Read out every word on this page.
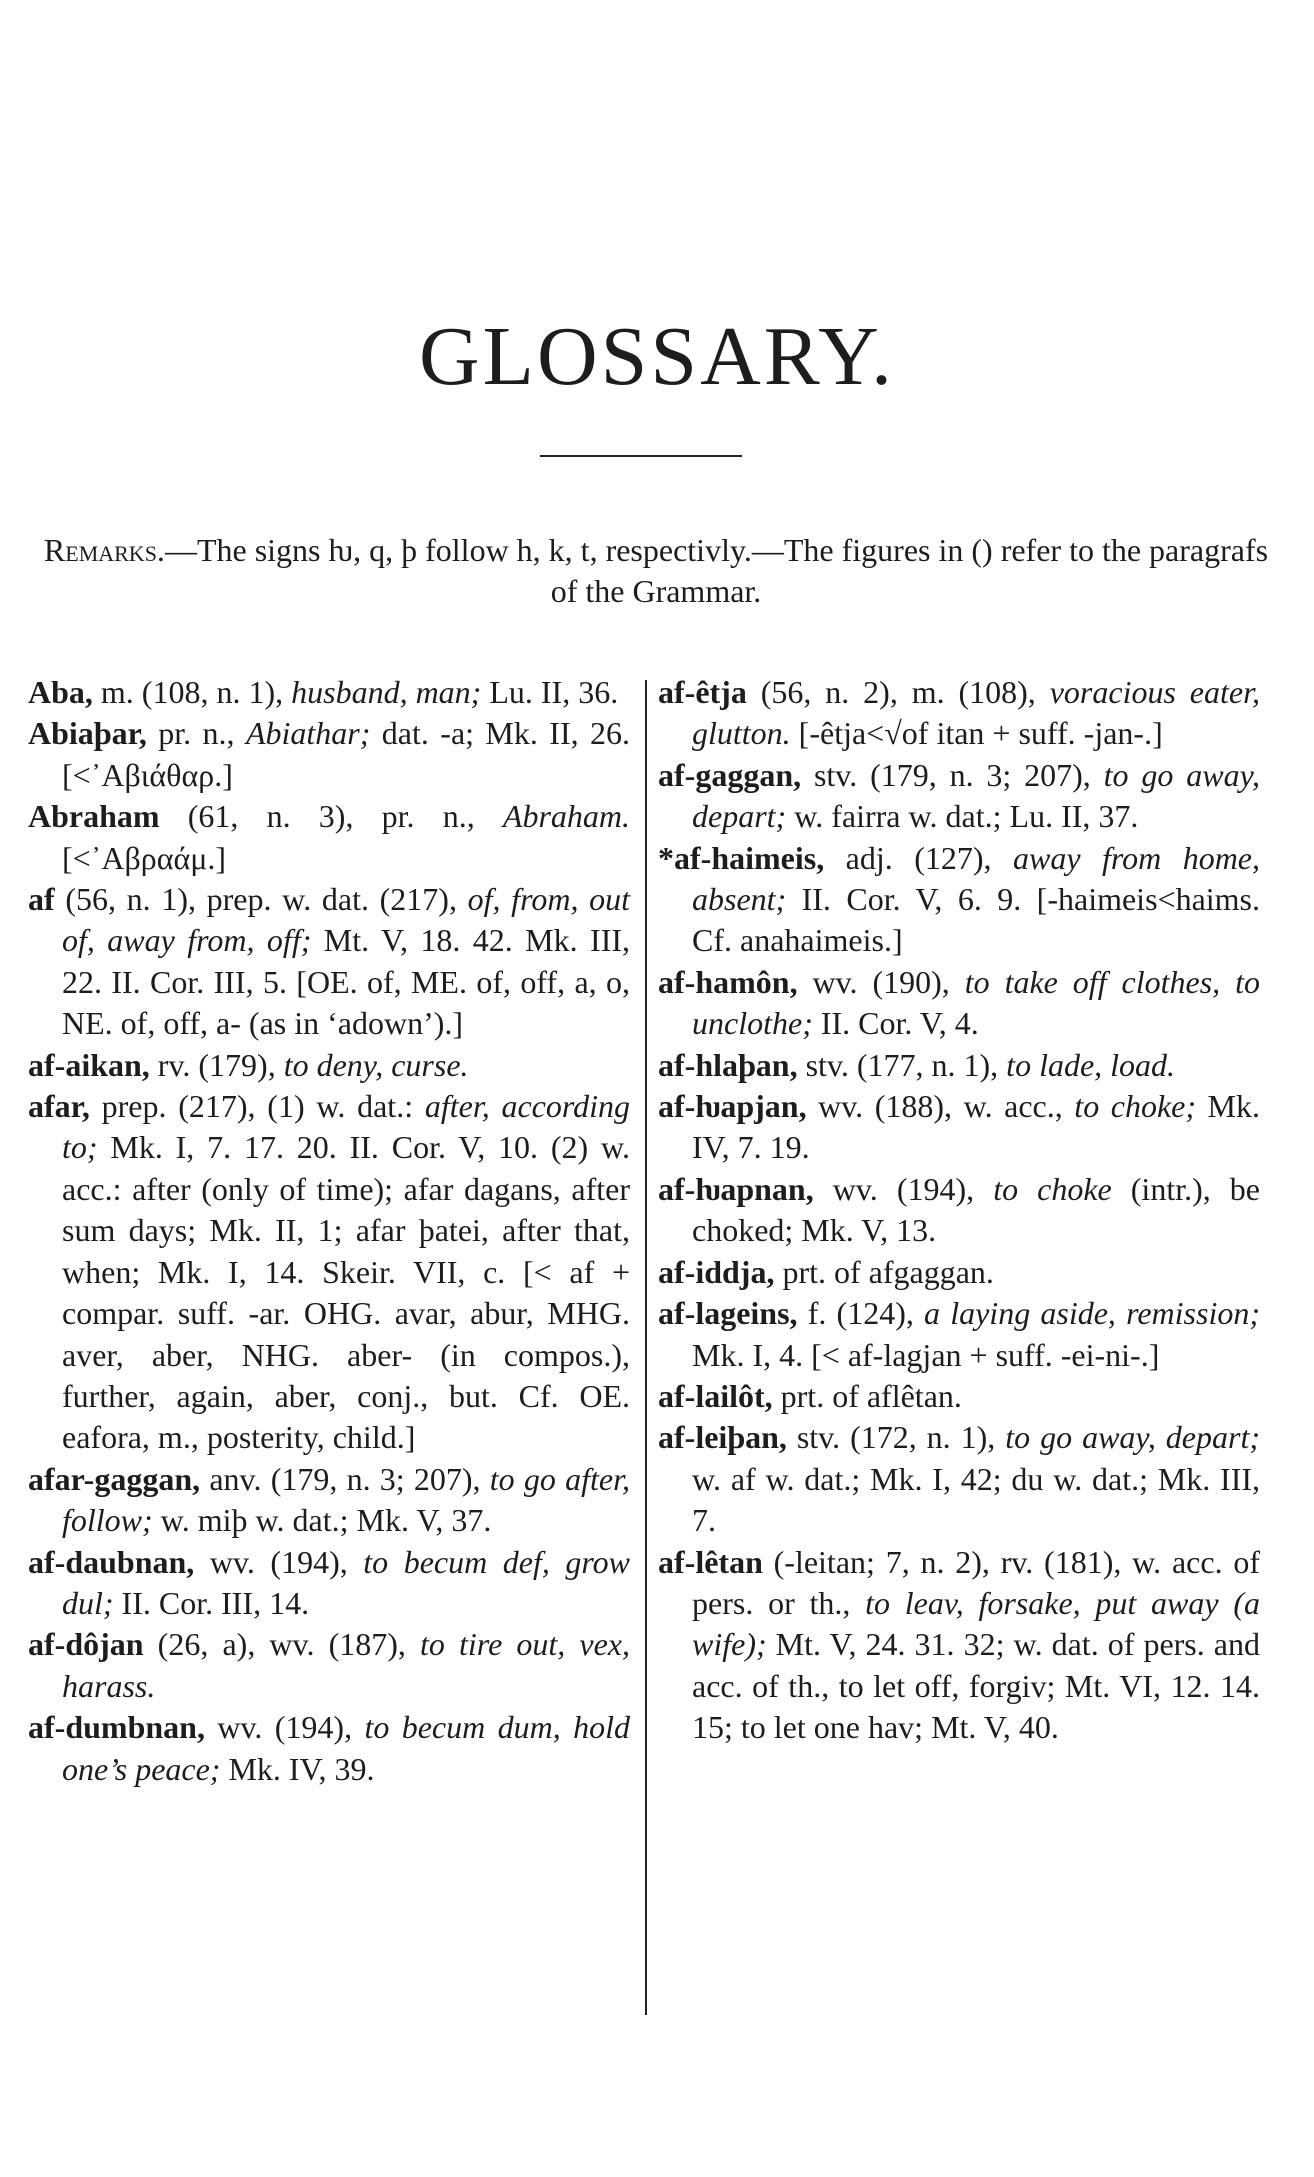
GLOSSARY.
Remarks.—The signs ƕ, q, þ follow h, k, t, respectivly.—The figures in () refer to the paragrafs of the Grammar.

Aba, m. (108, n. 1), husband, man; Lu. II, 36.

Abiaþar, pr. n., Abiathar; dat. -a; Mk. II, 26. [<᾿Αβιάθαρ.]

Abraham (61, n. 3), pr. n., Abraham. [<᾿Αβραάμ.]

af (56, n. 1), prep. w. dat. (217), of, from, out of, away from, off; Mt. V, 18. 42. Mk. III, 22. II. Cor. III, 5. [OE. of, ME. of, off, a, o, NE. of, off, a- (as in ‘adown’).]

af-aikan, rv. (179), to deny, curse.

afar, prep. (217), (1) w. dat.: after, according to; Mk. I, 7. 17. 20. II. Cor. V, 10. (2) w. acc.: after (only of time); afar dagans, after sum days; Mk. II, 1; afar þatei, after that, when; Mk. I, 14. Skeir. VII, c. [< af + compar. suff. -ar. OHG. avar, abur, MHG. aver, aber, NHG. aber- (in compos.), further, again, aber, conj., but. Cf. OE. eafora, m., posterity, child.]

afar-gaggan, anv. (179, n. 3; 207), to go after, follow; w. miþ w. dat.; Mk. V, 37.

af-daubnan, wv. (194), to becum def, grow dul; II. Cor. III, 14.

af-dôjan (26, a), wv. (187), to tire out, vex, harass.

af-dumbnan, wv. (194), to becum dum, hold one’s peace; Mk. IV, 39.

af-êtja (56, n. 2), m. (108), voracious eater, glutton. [-êtja<√of itan + suff. -jan-.]

af-gaggan, stv. (179, n. 3; 207), to go away, depart; w. fairra w. dat.; Lu. II, 37.

*af-haimeis, adj. (127), away from home, absent; II. Cor. V, 6. 9. [-haimeis<haims. Cf. anahaimeis.]

af-hamôn, wv. (190), to take off clothes, to unclothe; II. Cor. V, 4.

af-hlaþan, stv. (177, n. 1), to lade, load.

af-ƕapjan, wv. (188), w. acc., to choke; Mk. IV, 7. 19.

af-ƕapnan, wv. (194), to choke (intr.), be choked; Mk. V, 13.

af-iddja, prt. of afgaggan.

af-lageins, f. (124), a laying aside, remission; Mk. I, 4. [< af-lagjan + suff. -ei-ni-.]

af-lailôt, prt. of aflêtan.

af-leiþan, stv. (172, n. 1), to go away, depart; w. af w. dat.; Mk. I, 42; du w. dat.; Mk. III, 7.

af-lêtan (-leitan; 7, n. 2), rv. (181), w. acc. of pers. or th., to leav, forsake, put away (a wife); Mt. V, 24. 31. 32; w. dat. of pers. and acc. of th., to let off, forgiv; Mt. VI, 12. 14. 15; to let one hav; Mt. V, 40.
